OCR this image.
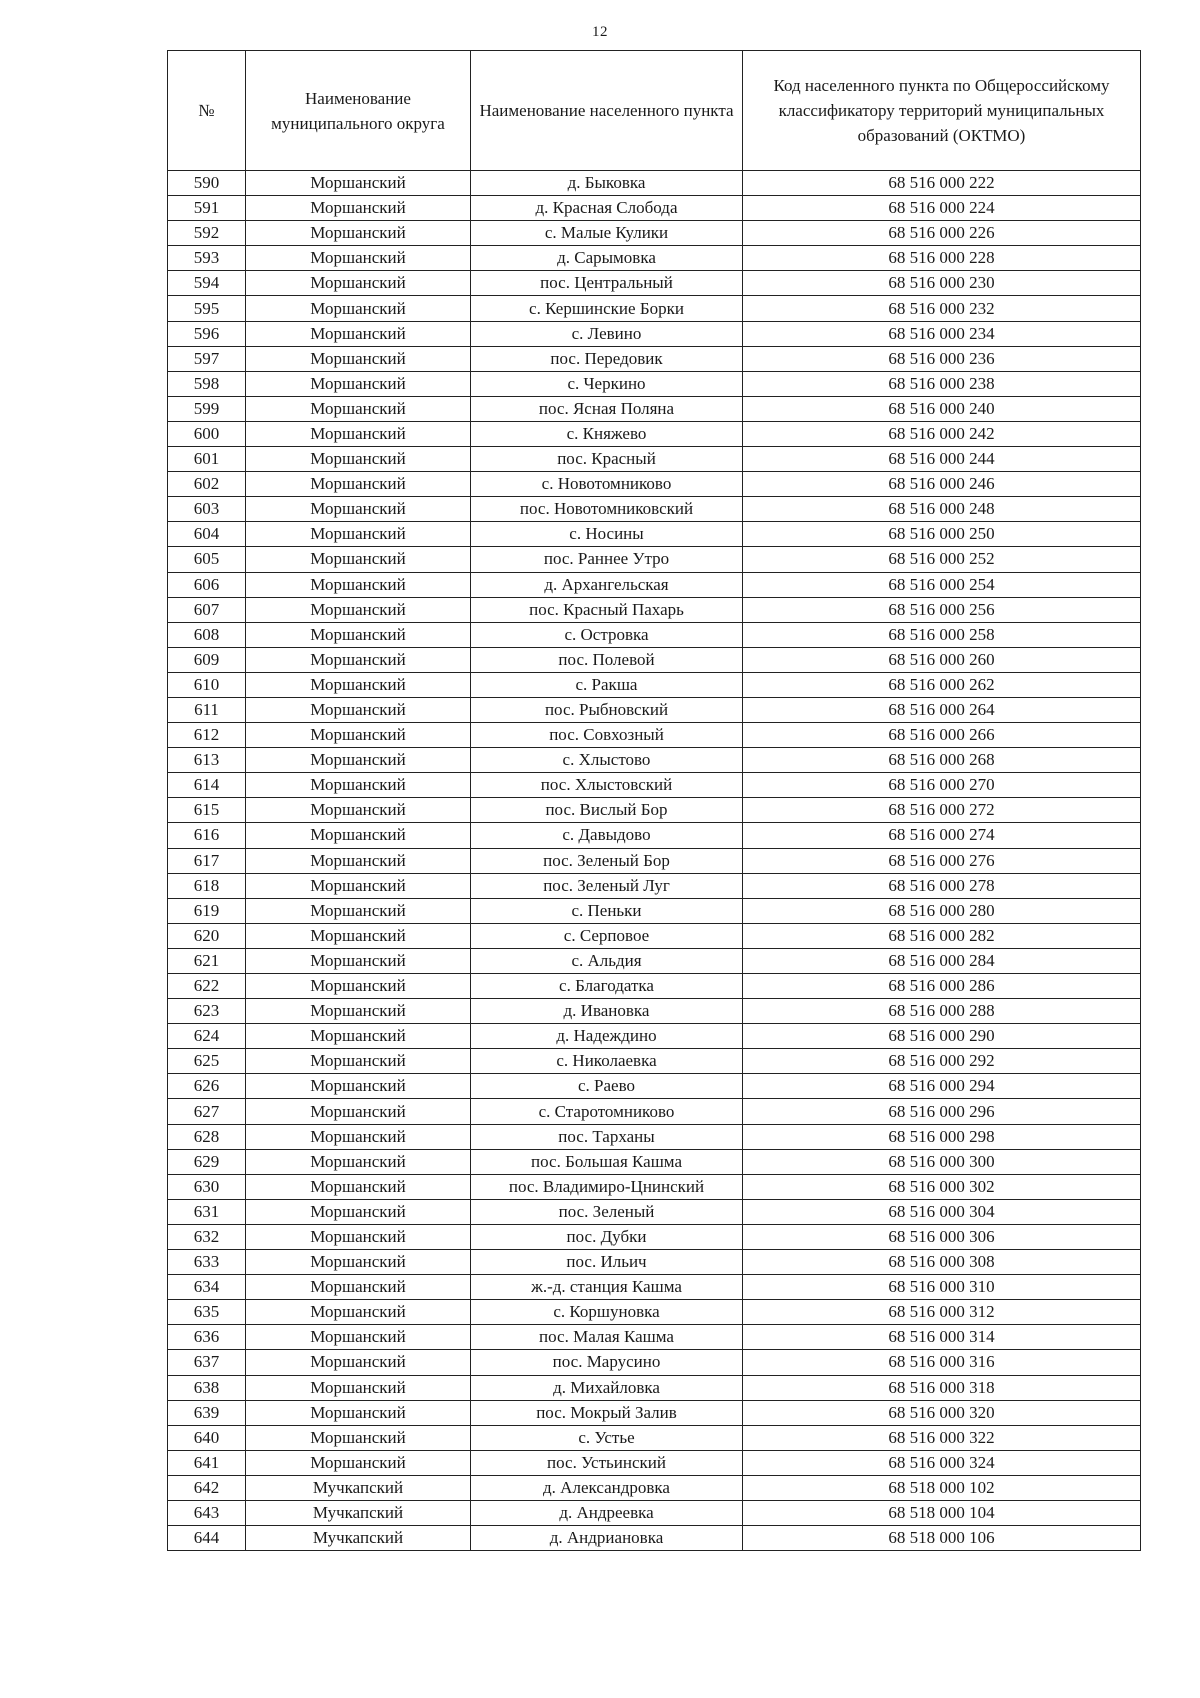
12
№	Наименование муниципального округа	Наименование населенного пункта	Код населенного пункта по Общероссийскому классификатору территорий муниципальных образований (ОКТМО)
590	Моршанский	д. Быковка	68 516 000 222
591	Моршанский	д. Красная Слобода	68 516 000 224
592	Моршанский	с. Малые Кулики	68 516 000 226
593	Моршанский	д. Сарымовка	68 516 000 228
594	Моршанский	пос. Центральный	68 516 000 230
595	Моршанский	с. Кершинские Борки	68 516 000 232
596	Моршанский	с. Левино	68 516 000 234
597	Моршанский	пос. Передовик	68 516 000 236
598	Моршанский	с. Черкино	68 516 000 238
599	Моршанский	пос. Ясная Поляна	68 516 000 240
600	Моршанский	с. Княжево	68 516 000 242
601	Моршанский	пос. Красный	68 516 000 244
602	Моршанский	с. Новотомниково	68 516 000 246
603	Моршанский	пос. Новотомниковский	68 516 000 248
604	Моршанский	с. Носины	68 516 000 250
605	Моршанский	пос. Раннее Утро	68 516 000 252
606	Моршанский	д. Архангельская	68 516 000 254
607	Моршанский	пос. Красный Пахарь	68 516 000 256
608	Моршанский	с. Островка	68 516 000 258
609	Моршанский	пос. Полевой	68 516 000 260
610	Моршанский	с. Ракша	68 516 000 262
611	Моршанский	пос. Рыбновский	68 516 000 264
612	Моршанский	пос. Совхозный	68 516 000 266
613	Моршанский	с. Хлыстово	68 516 000 268
614	Моршанский	пос. Хлыстовский	68 516 000 270
615	Моршанский	пос. Вислый Бор	68 516 000 272
616	Моршанский	с. Давыдово	68 516 000 274
617	Моршанский	пос. Зеленый Бор	68 516 000 276
618	Моршанский	пос. Зеленый Луг	68 516 000 278
619	Моршанский	с. Пеньки	68 516 000 280
620	Моршанский	с. Серповое	68 516 000 282
621	Моршанский	с. Альдия	68 516 000 284
622	Моршанский	с. Благодатка	68 516 000 286
623	Моршанский	д. Ивановка	68 516 000 288
624	Моршанский	д. Надеждино	68 516 000 290
625	Моршанский	с. Николаевка	68 516 000 292
626	Моршанский	с. Раево	68 516 000 294
627	Моршанский	с. Старотомниково	68 516 000 296
628	Моршанский	пос. Тарханы	68 516 000 298
629	Моршанский	пос. Большая Кашма	68 516 000 300
630	Моршанский	пос. Владимиро-Цнинский	68 516 000 302
631	Моршанский	пос. Зеленый	68 516 000 304
632	Моршанский	пос. Дубки	68 516 000 306
633	Моршанский	пос. Ильич	68 516 000 308
634	Моршанский	ж.-д. станция Кашма	68 516 000 310
635	Моршанский	с. Коршуновка	68 516 000 312
636	Моршанский	пос. Малая Кашма	68 516 000 314
637	Моршанский	пос. Марусино	68 516 000 316
638	Моршанский	д. Михайловка	68 516 000 318
639	Моршанский	пос. Мокрый Залив	68 516 000 320
640	Моршанский	с. Устье	68 516 000 322
641	Моршанский	пос. Устьинский	68 516 000 324
642	Мучкапский	д. Александровка	68 518 000 102
643	Мучкапский	д. Андреевка	68 518 000 104
644	Мучкапский	д. Андриановка	68 518 000 106
